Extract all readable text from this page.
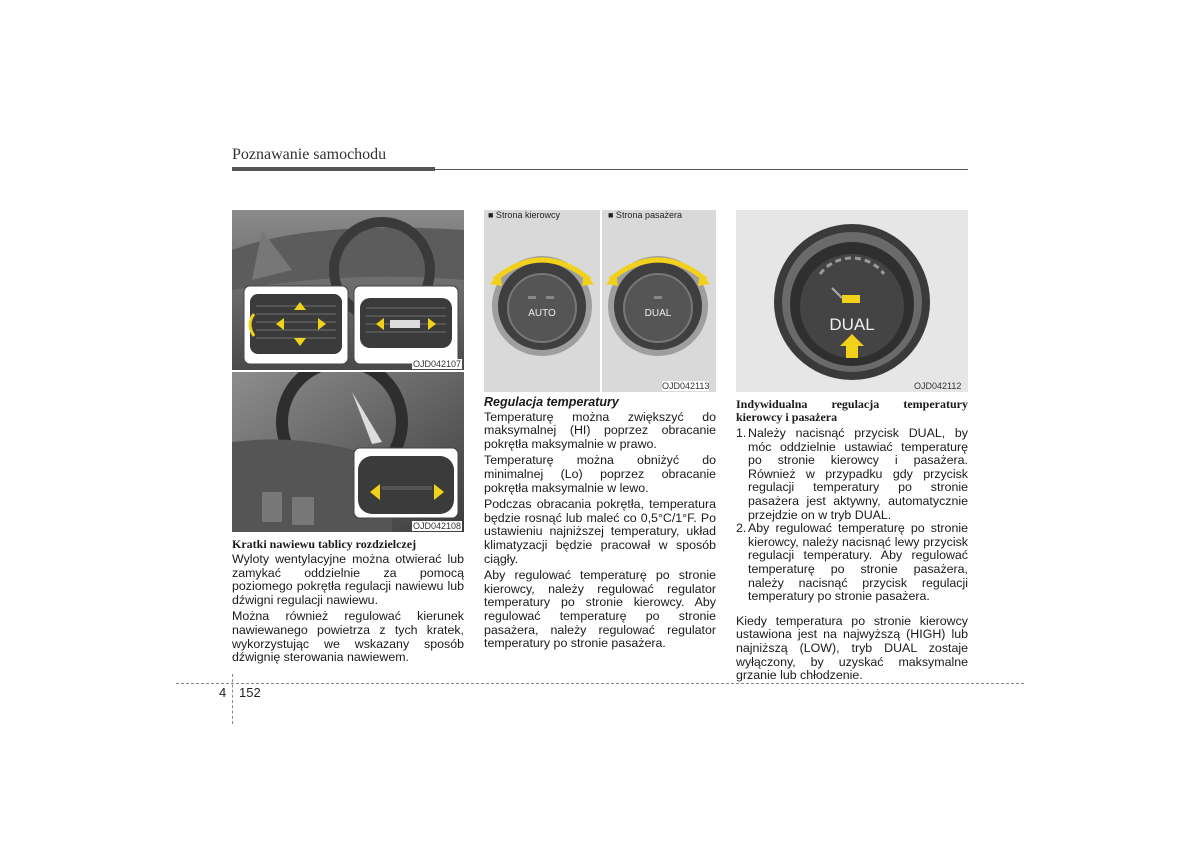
Poznawanie samochodu
OJD042107
OJD042108
Kratki nawiewu tablicy rozdzielczej

Wyloty wentylacyjne można otwierać lub zamykać oddzielnie za pomocą poziomego pokrętła regulacji nawiewu lub dźwigni regulacji nawiewu.

Można również regulować kierunek nawiewanego powietrza z tych kratek, wykorzystując we wskazany sposób dźwignię sterowania nawiewem.

■ Strona kierowcy	■ Strona pasażera
AUTO	DUAL
OJD042113
Regulacja temperatury

Temperaturę można zwiększyć do maksymalnej (HI) poprzez obracanie pokrętła maksymalnie w prawo.

Temperaturę można obniżyć do minimalnej (Lo) poprzez obracanie pokrętła maksymalnie w lewo.

Podczas obracania pokrętła, temperatura będzie rosnąć lub maleć co 0,5°C/1°F. Po ustawieniu najniższej temperatury, układ klimatyzacji będzie pracował w sposób ciągły.

Aby regulować temperaturę po stronie kierowcy, należy regulować regulator temperatury po stronie kierowcy. Aby regulować temperaturę po stronie pasażera, należy regulować regulator temperatury po stronie pasażera.

DUAL
OJD042112
Indywidualna regulacja temperatury kierowcy i pasażera
1. Należy nacisnąć przycisk DUAL, by móc oddzielnie ustawiać temperaturę po stronie kierowcy i pasażera. Również w przypadku gdy przycisk regulacji temperatury po stronie pasażera jest aktywny, automatycznie przejdzie on w tryb DUAL.
2. Aby regulować temperaturę po stronie kierowcy, należy nacisnąć lewy przycisk regulacji temperatury. Aby regulować temperaturę po stronie pasażera, należy nacisnąć przycisk regulacji temperatury po stronie pasażera.

Kiedy temperatura po stronie kierowcy ustawiona jest na najwyższą (HIGH) lub najniższą (LOW), tryb DUAL zostaje wyłączony, by uzyskać maksymalne grzanie lub chłodzenie.

4 152
